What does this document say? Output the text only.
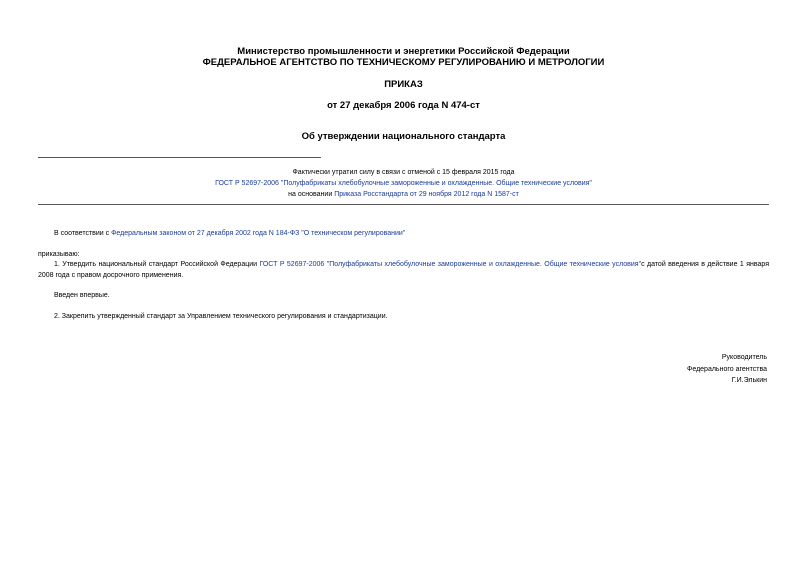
Министерство промышленности и энергетики Российской Федерации
ФЕДЕРАЛЬНОЕ АГЕНТСТВО ПО ТЕХНИЧЕСКОМУ РЕГУЛИРОВАНИЮ И МЕТРОЛОГИИ
ПРИКАЗ
от 27 декабря 2006 года N 474-ст
Об утверждении национального стандарта
Фактически утратил силу в связи с отменой с 15 февраля 2015 года
ГОСТ Р 52697-2006 "Полуфабрикаты хлебобулочные замороженные и охлажденные. Общие технические условия"
на основании Приказа Росстандарта от 29 ноября 2012 года N 1587-ст
В соответствии с Федеральным законом от 27 декабря 2002 года N 184-ФЗ "О техническом регулировании"
приказываю:
1. Утвердить национальный стандарт Российской Федерации ГОСТ Р 52697-2006 "Полуфабрикаты хлебобулочные замороженные и охлажденные. Общие технические условия"с датой введения в действие 1 января 2008 года с правом досрочного применения.
Введен впервые.
2. Закрепить утвержденный стандарт за Управлением технического регулирования и стандартизации.
Руководитель
Федерального агентства
Г.И.Элькин
